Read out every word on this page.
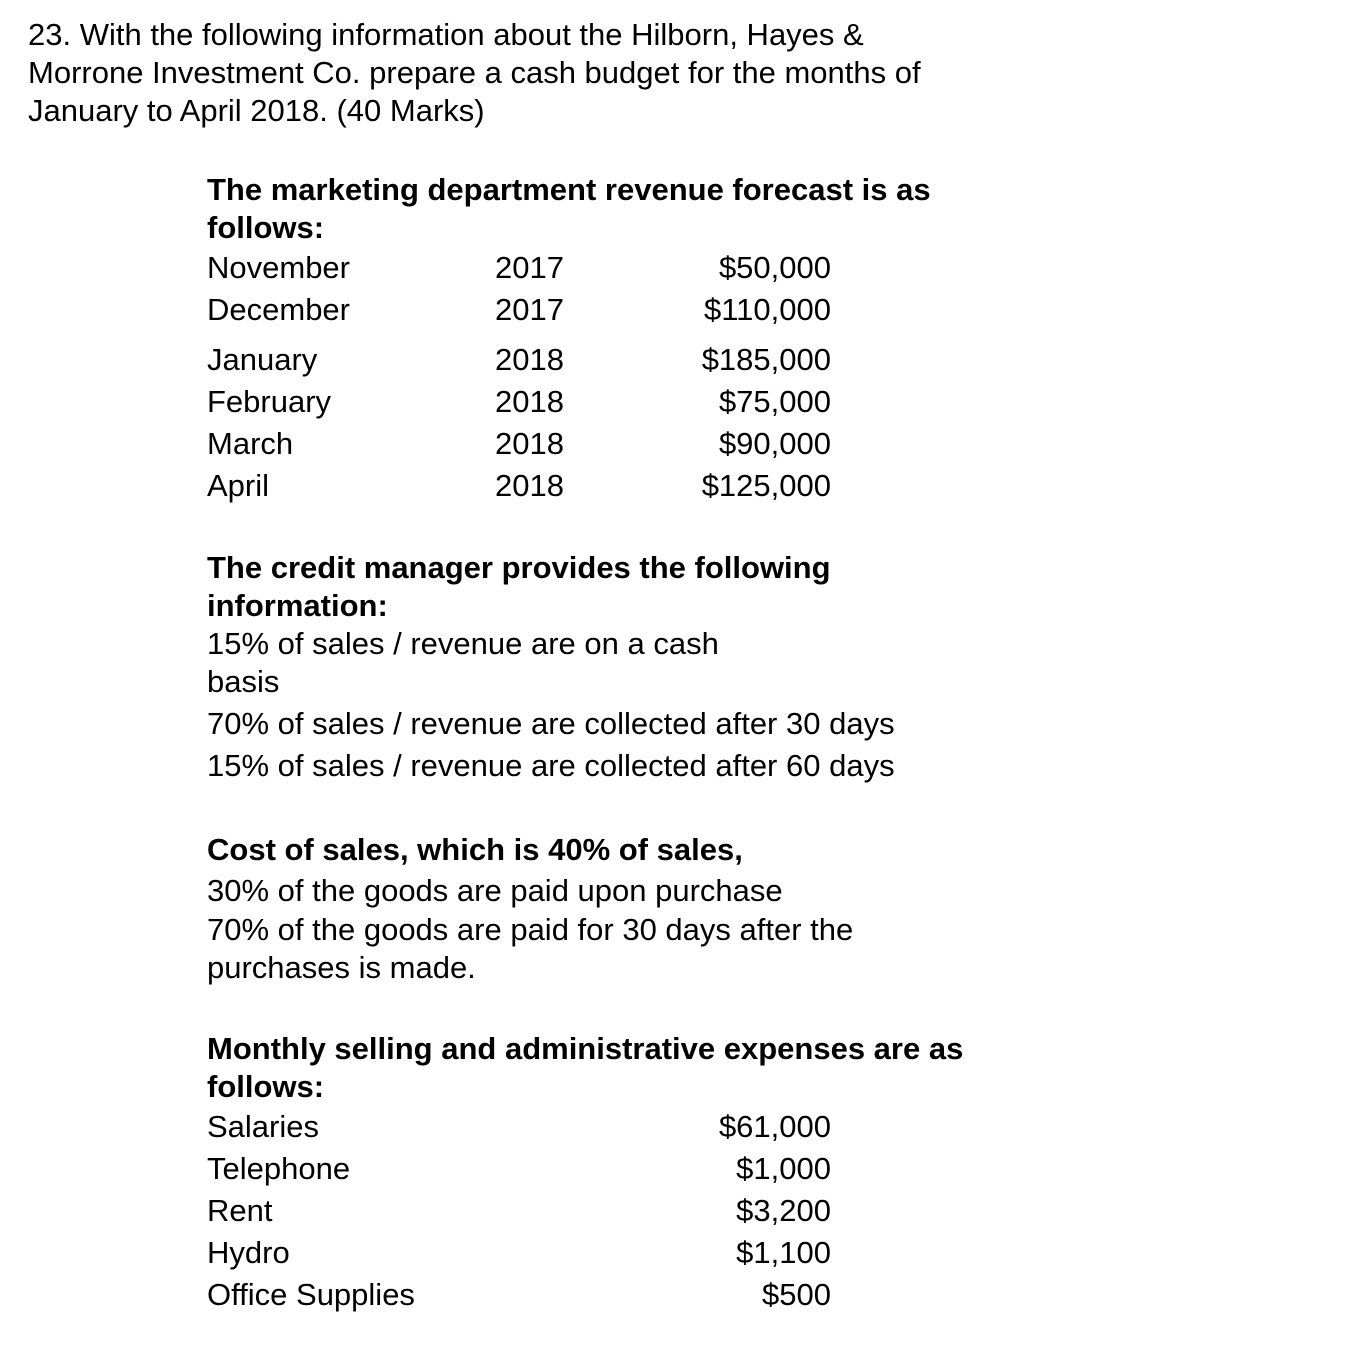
23. With the following information about the Hilborn, Hayes &
Morrone Investment Co. prepare a cash budget for the months of
January to April 2018. (40 Marks)
The marketing department revenue forecast is as
follows:
November	2017	$50,000
December	2017	$110,000
January	2018	$185,000
February	2018	$75,000
March	2018	$90,000
April	2018	$125,000
The credit manager provides the following
information:
15% of sales / revenue are on a cash
basis
70% of sales / revenue are collected after 30 days
15% of sales / revenue are collected after 60 days
Cost of sales, which is 40% of sales,
30% of the goods are paid upon purchase
70% of the goods are paid for 30 days after the
purchases is made.
Monthly selling and administrative expenses are as
follows:
Salaries	$61,000
Telephone	$1,000
Rent	$3,200
Hydro	$1,100
Office Supplies	$500
